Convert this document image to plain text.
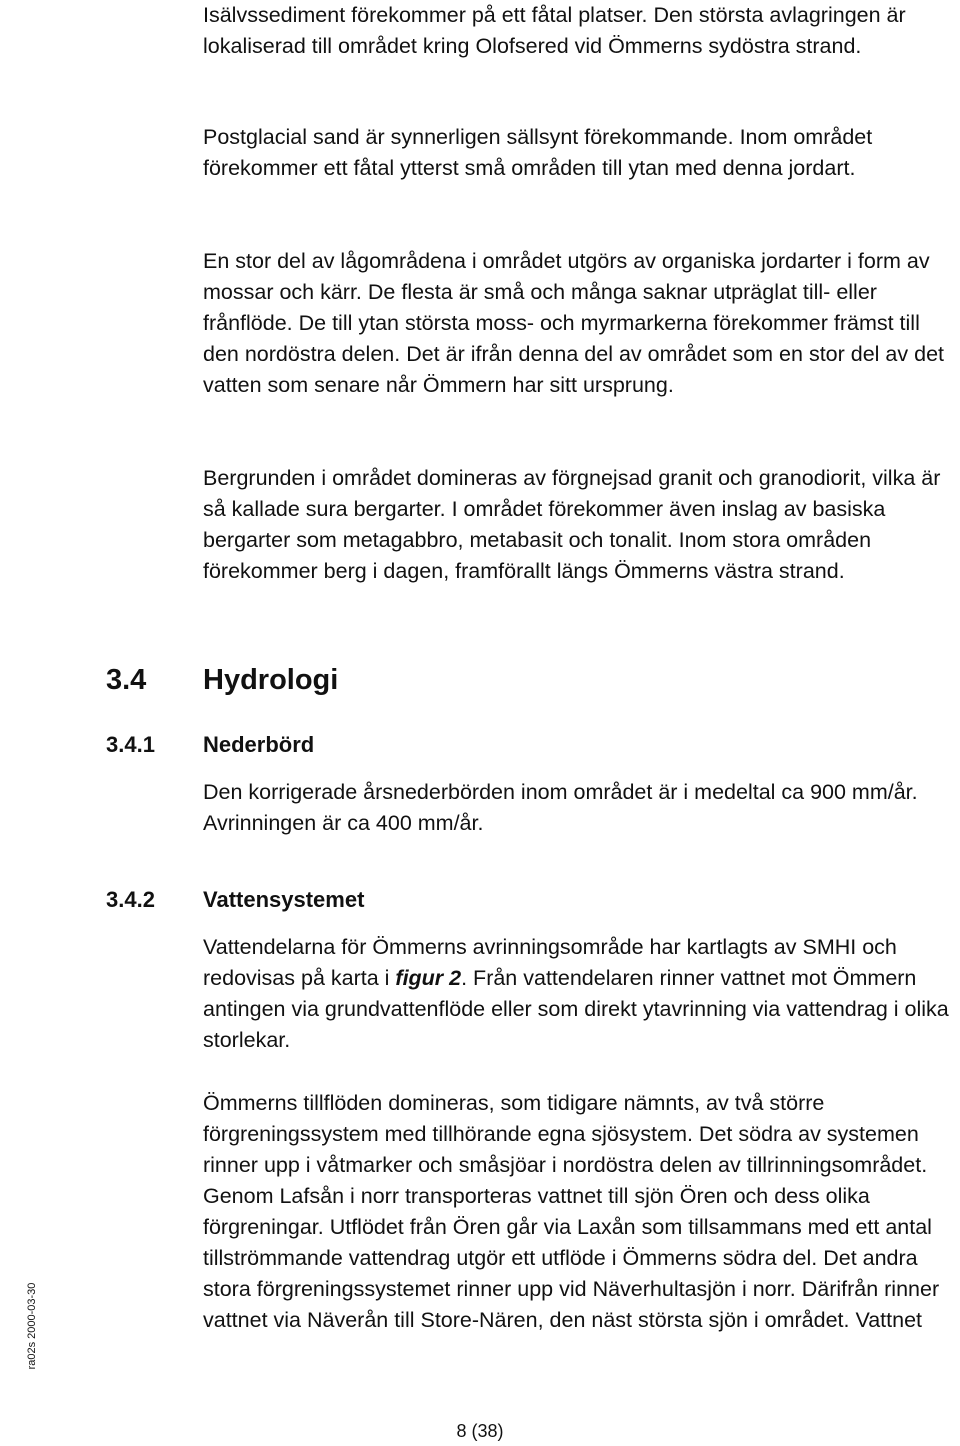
Isälvssediment förekommer på ett fåtal platser. Den största avlagringen är lokaliserad till området kring Olofsered vid Ömmerns sydöstra strand.

Postglacial sand är synnerligen sällsynt förekommande. Inom området förekommer ett fåtal ytterst små områden till ytan med denna jordart.

En stor del av lågområdena i området utgörs av organiska jordarter i form av mossar och kärr. De flesta är små och många saknar utpräglat till- eller frånflöde. De till ytan största moss- och myrmarkerna förekommer främst till den nordöstra delen. Det är ifrån denna del av området som en stor del av det vatten som senare når Ömmern har sitt ursprung.

Bergrunden i området domineras av förgnejsad granit och granodiorit, vilka är så kallade sura bergarter. I området förekommer även inslag av basiska bergarter som metagabbro, metabasit och tonalit. Inom stora områden förekommer berg i dagen, framförallt längs Ömmerns västra strand.

3.4 Hydrologi
3.4.1 Nederbörd

Den korrigerade årsnederbörden inom området är i medeltal ca 900 mm/år. Avrinningen är ca 400 mm/år.

3.4.2 Vattensystemet

Vattendelarna för Ömmerns avrinningsområde har kartlagts av SMHI och redovisas på karta i figur 2. Från vattendelaren rinner vattnet mot Ömmern antingen via grundvattenflöde eller som direkt ytavrinning via vattendrag i olika storlekar.

Ömmerns tillflöden domineras, som tidigare nämnts, av två större förgreningssystem med tillhörande egna sjösystem. Det södra av systemen rinner upp i våtmarker och småsjöar i nordöstra delen av tillrinningsområdet. Genom Lafsån i norr transporteras vattnet till sjön Ören och dess olika förgreningar. Utflödet från Ören går via Laxån som tillsammans med ett antal tillströmmande vattendrag utgör ett utflöde i Ömmerns södra del. Det andra stora förgreningssystemet rinner upp vid Näverhultasjön i norr. Därifrån rinner vattnet via Näverån till Store-Nären, den näst största sjön i området. Vattnet

ra02s 2000-03-30

8 (38)
